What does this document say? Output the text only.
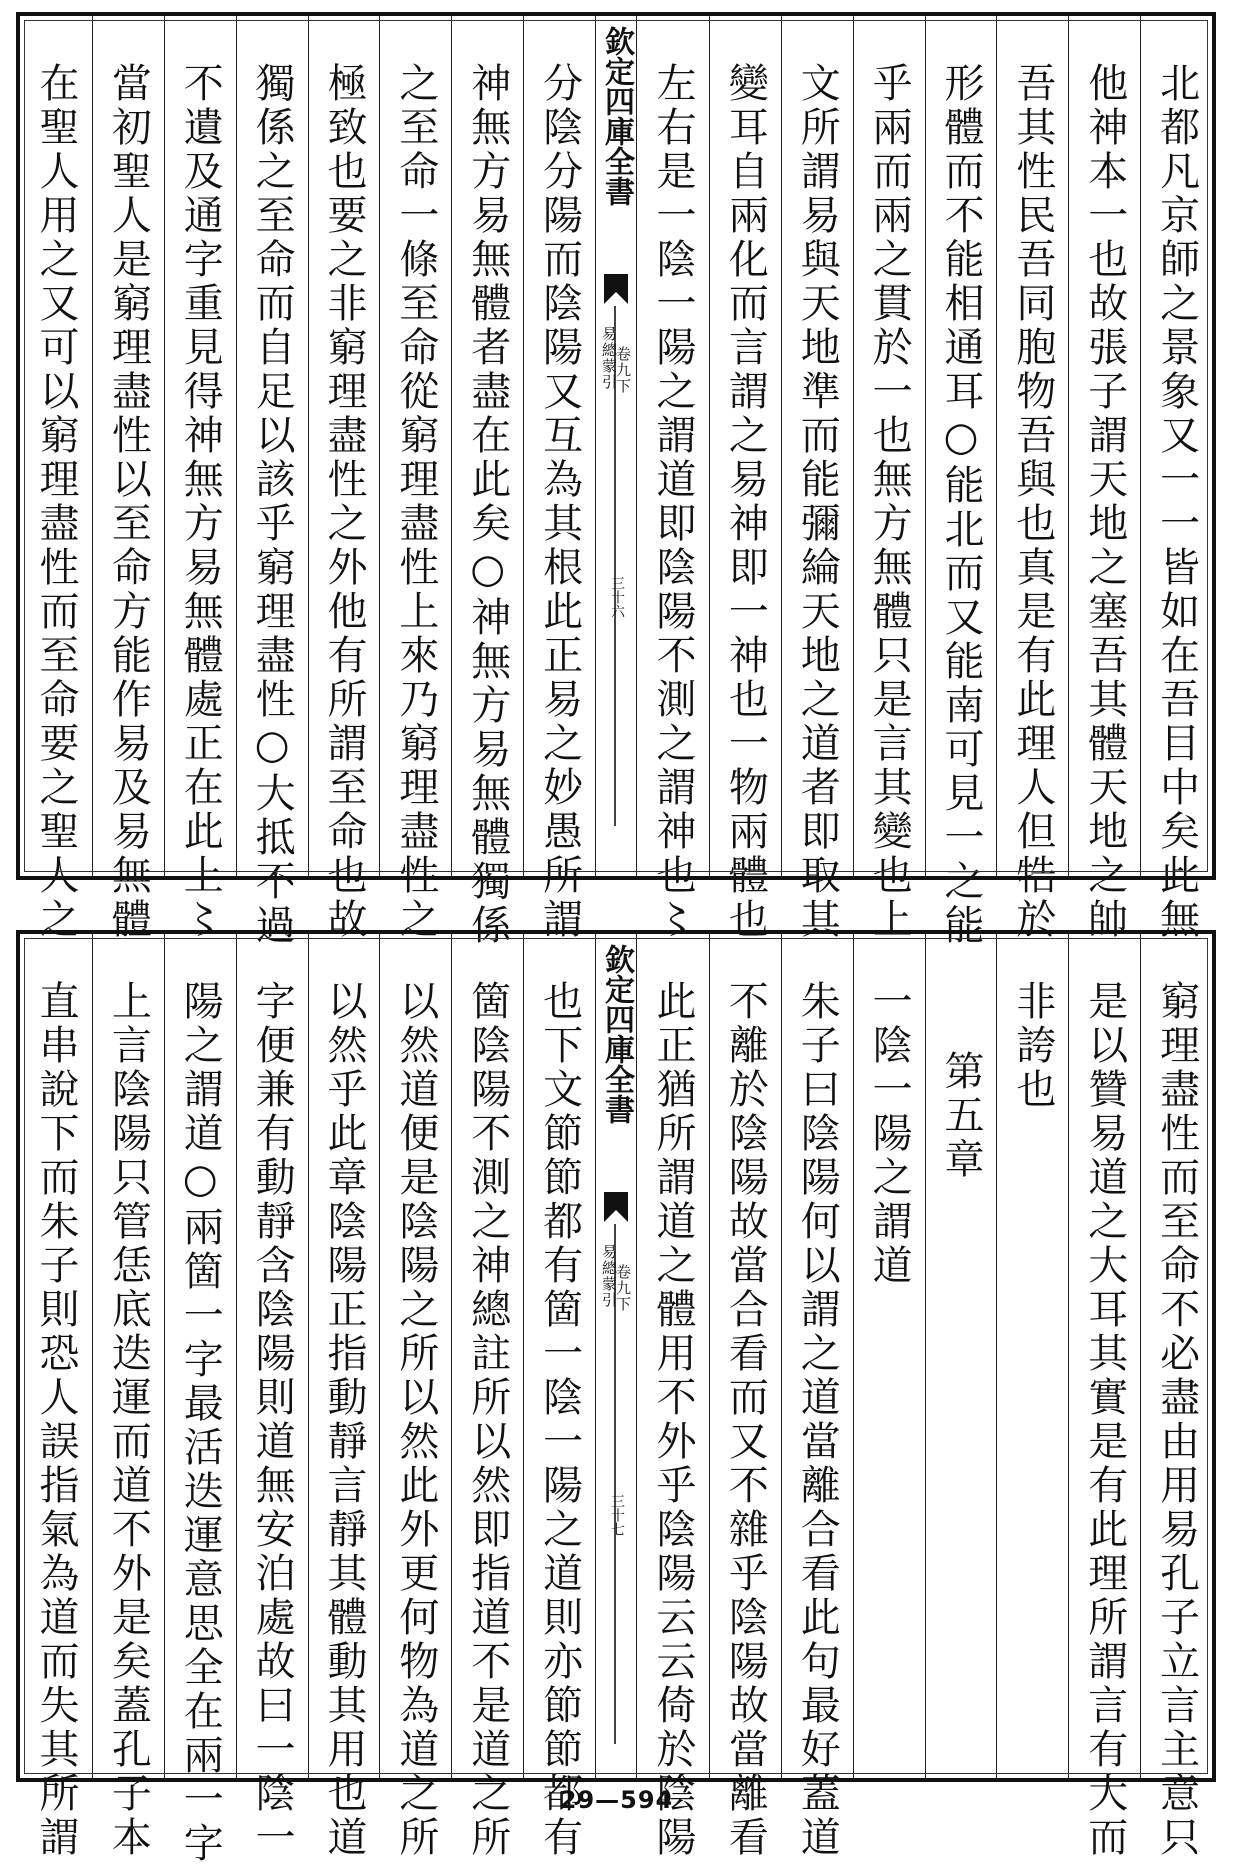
北都凡京師之景象又一一皆如在吾目中矣此無
他神本一也故張子謂天地之塞吾其體天地之帥
吾其性民吾同胞物吾與也真是有此理人但牿於
形體而不能相通耳○能北而又能南可見一之能
乎兩而兩之貫於一也無方無體只是言其變也上
文所謂易與天地準而能彌綸天地之道者即取其
變耳自兩化而言謂之易神即一神也一物兩體也
左右是一陰一陽之謂道即陰陽不測之謂神也〻
欽定四庫全書
易總蒙引
卷九下
三十六
分陰分陽而陰陽又互為其根此正易之妙愚所謂
神無方易無體者盡在此矣○神無方易無體獨係
之至命一條至命從窮理盡性上來乃窮理盡性之
極致也要之非窮理盡性之外他有所謂至命也故
獨係之至命而自足以該乎窮理盡性○大抵不過
不遺及通字重見得神無方易無體處正在此上〻
當初聖人是窮理盡性以至命方能作易及易無體
在聖人用之又可以窮理盡性而至命要之聖人之
窮理盡性而至命不必盡由用易孔子立言主意只
是以贊易道之大耳其實是有此理所謂言有大而
非誇也
第五章
一陰一陽之謂道
朱子曰陰陽何以謂之道當離合看此句最好蓋道
不離於陰陽故當合看而又不雜乎陰陽故當離看
此正猶所謂道之體用不外乎陰陽云云倚於陰陽
欽定四庫全書
易總蒙引
卷九下
三十七
也下文節節都有箇一陰一陽之道則亦節節都有
箇陰陽不測之神總註所以然即指道不是道之所
以然道便是陰陽之所以然此外更何物為道之所
以然乎此章陰陽正指動靜言靜其體動其用也道
字便兼有動靜含陰陽則道無安泊處故曰一陰一
陽之謂道○兩箇一字最活迭運意思全在兩一字
上言陰陽只管恁底迭運而道不外是矣蓋孔子本
直串說下而朱子則恐人誤指氣為道而失其所謂	29—594
